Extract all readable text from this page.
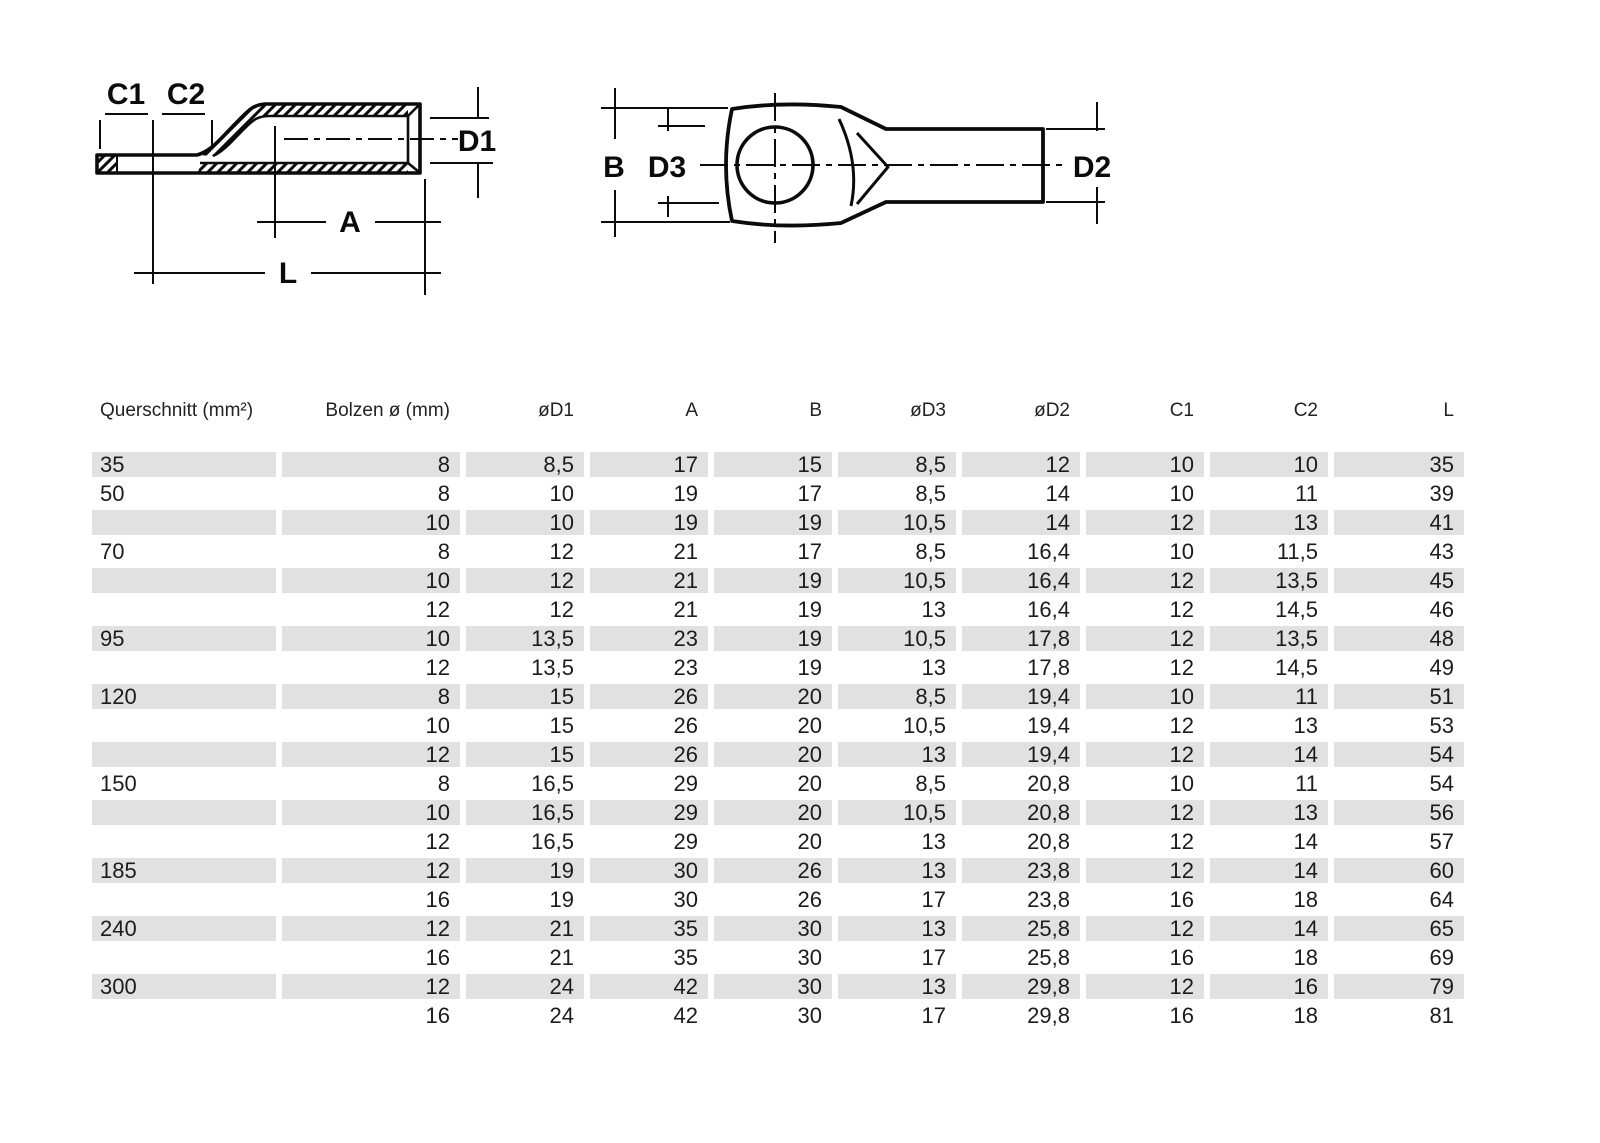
C1 C2
D1
A
L
B D3	D2
Querschnitt (mm²)	Bolzen ø (mm)	øD1	A	B	øD3	øD2	C1	C2	L
35	8	8,5	17	15	8,5	12	10	10	35
50	8	10	19	17	8,5	14	10	11	39
	10	10	19	19	10,5	14	12	13	41
70	8	12	21	17	8,5	16,4	10	11,5	43
	10	12	21	19	10,5	16,4	12	13,5	45
	12	12	21	19	13	16,4	12	14,5	46
95	10	13,5	23	19	10,5	17,8	12	13,5	48
	12	13,5	23	19	13	17,8	12	14,5	49
120	8	15	26	20	8,5	19,4	10	11	51
	10	15	26	20	10,5	19,4	12	13	53
	12	15	26	20	13	19,4	12	14	54
150	8	16,5	29	20	8,5	20,8	10	11	54
	10	16,5	29	20	10,5	20,8	12	13	56
	12	16,5	29	20	13	20,8	12	14	57
185	12	19	30	26	13	23,8	12	14	60
	16	19	30	26	17	23,8	16	18	64
240	12	21	35	30	13	25,8	12	14	65
	16	21	35	30	17	25,8	16	18	69
300	12	24	42	30	13	29,8	12	16	79
	16	24	42	30	17	29,8	16	18	81
